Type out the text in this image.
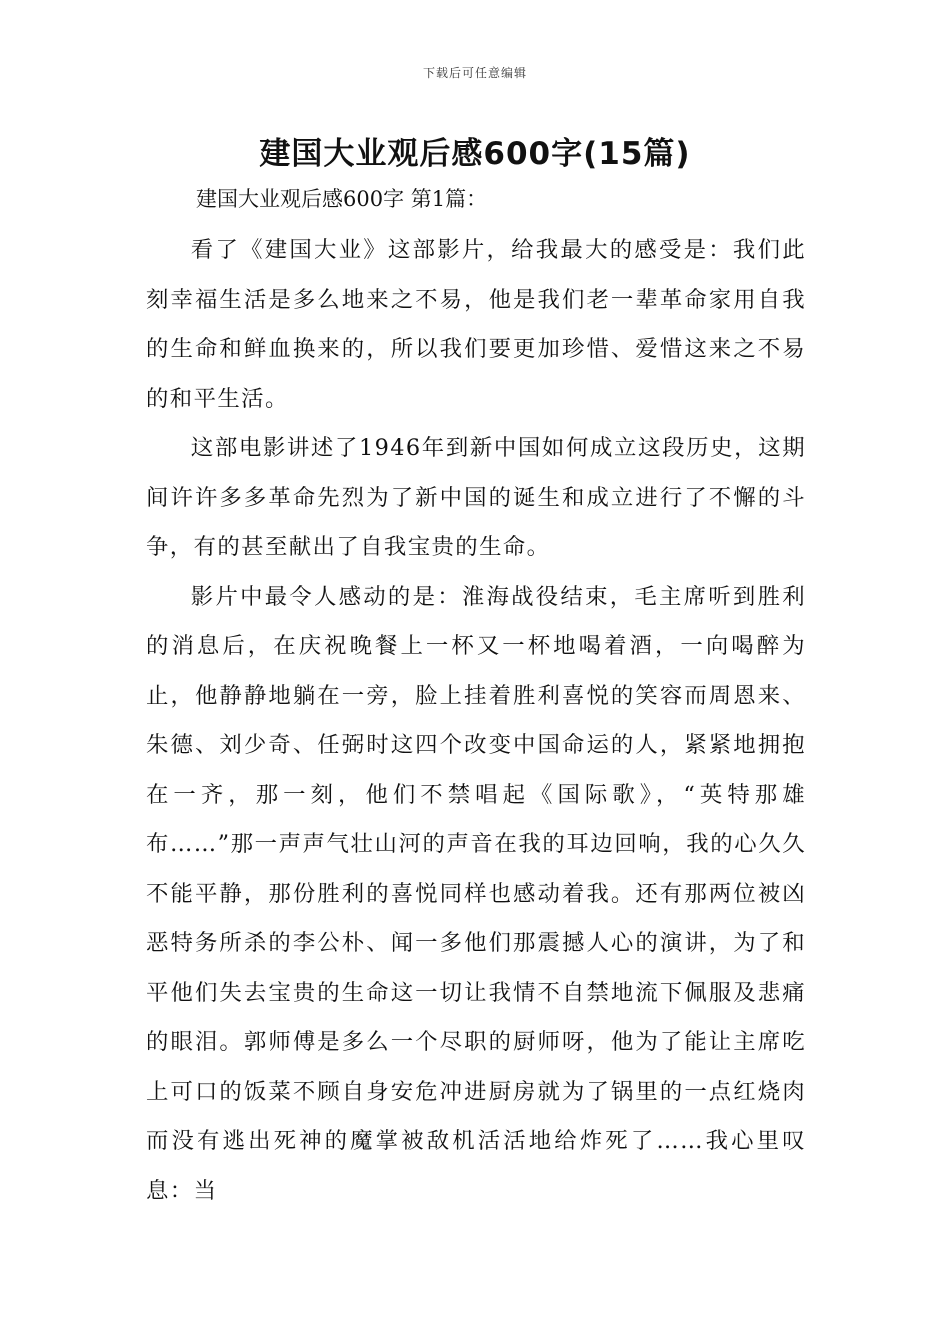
下载后可任意编辑
建国大业观后感600字(15篇)
建国大业观后感600字 第1篇：

看了《建国大业》这部影片，给我最大的感受是：我们此刻幸福生活是多么地来之不易，他是我们老一辈革命家用自我的生命和鲜血换来的，所以我们要更加珍惜、爱惜这来之不易的和平生活。

这部电影讲述了1946年到新中国如何成立这段历史，这期间许许多多革命先烈为了新中国的诞生和成立进行了不懈的斗争，有的甚至献出了自我宝贵的生命。

影片中最令人感动的是：淮海战役结束，毛主席听到胜利的消息后，在庆祝晚餐上一杯又一杯地喝着酒，一向喝醉为止，他静静地躺在一旁，脸上挂着胜利喜悦的笑容而周恩来、朱德、刘少奇、任弼时这四个改变中国命运的人，紧紧地拥抱在一齐，那一刻，他们不禁唱起《国际歌》，“英特那雄布……”那一声声气壮山河的声音在我的耳边回响，我的心久久不能平静，那份胜利的喜悦同样也感动着我。还有那两位被凶恶特务所杀的李公朴、闻一多他们那震撼人心的演讲，为了和平他们失去宝贵的生命这一切让我情不自禁地流下佩服及悲痛的眼泪。郭师傅是多么一个尽职的厨师呀，他为了能让主席吃上可口的饭菜不顾自身安危冲进厨房就为了锅里的一点红烧肉而没有逃出死神的魔掌被敌机活活地给炸死了……我心里叹息：当
